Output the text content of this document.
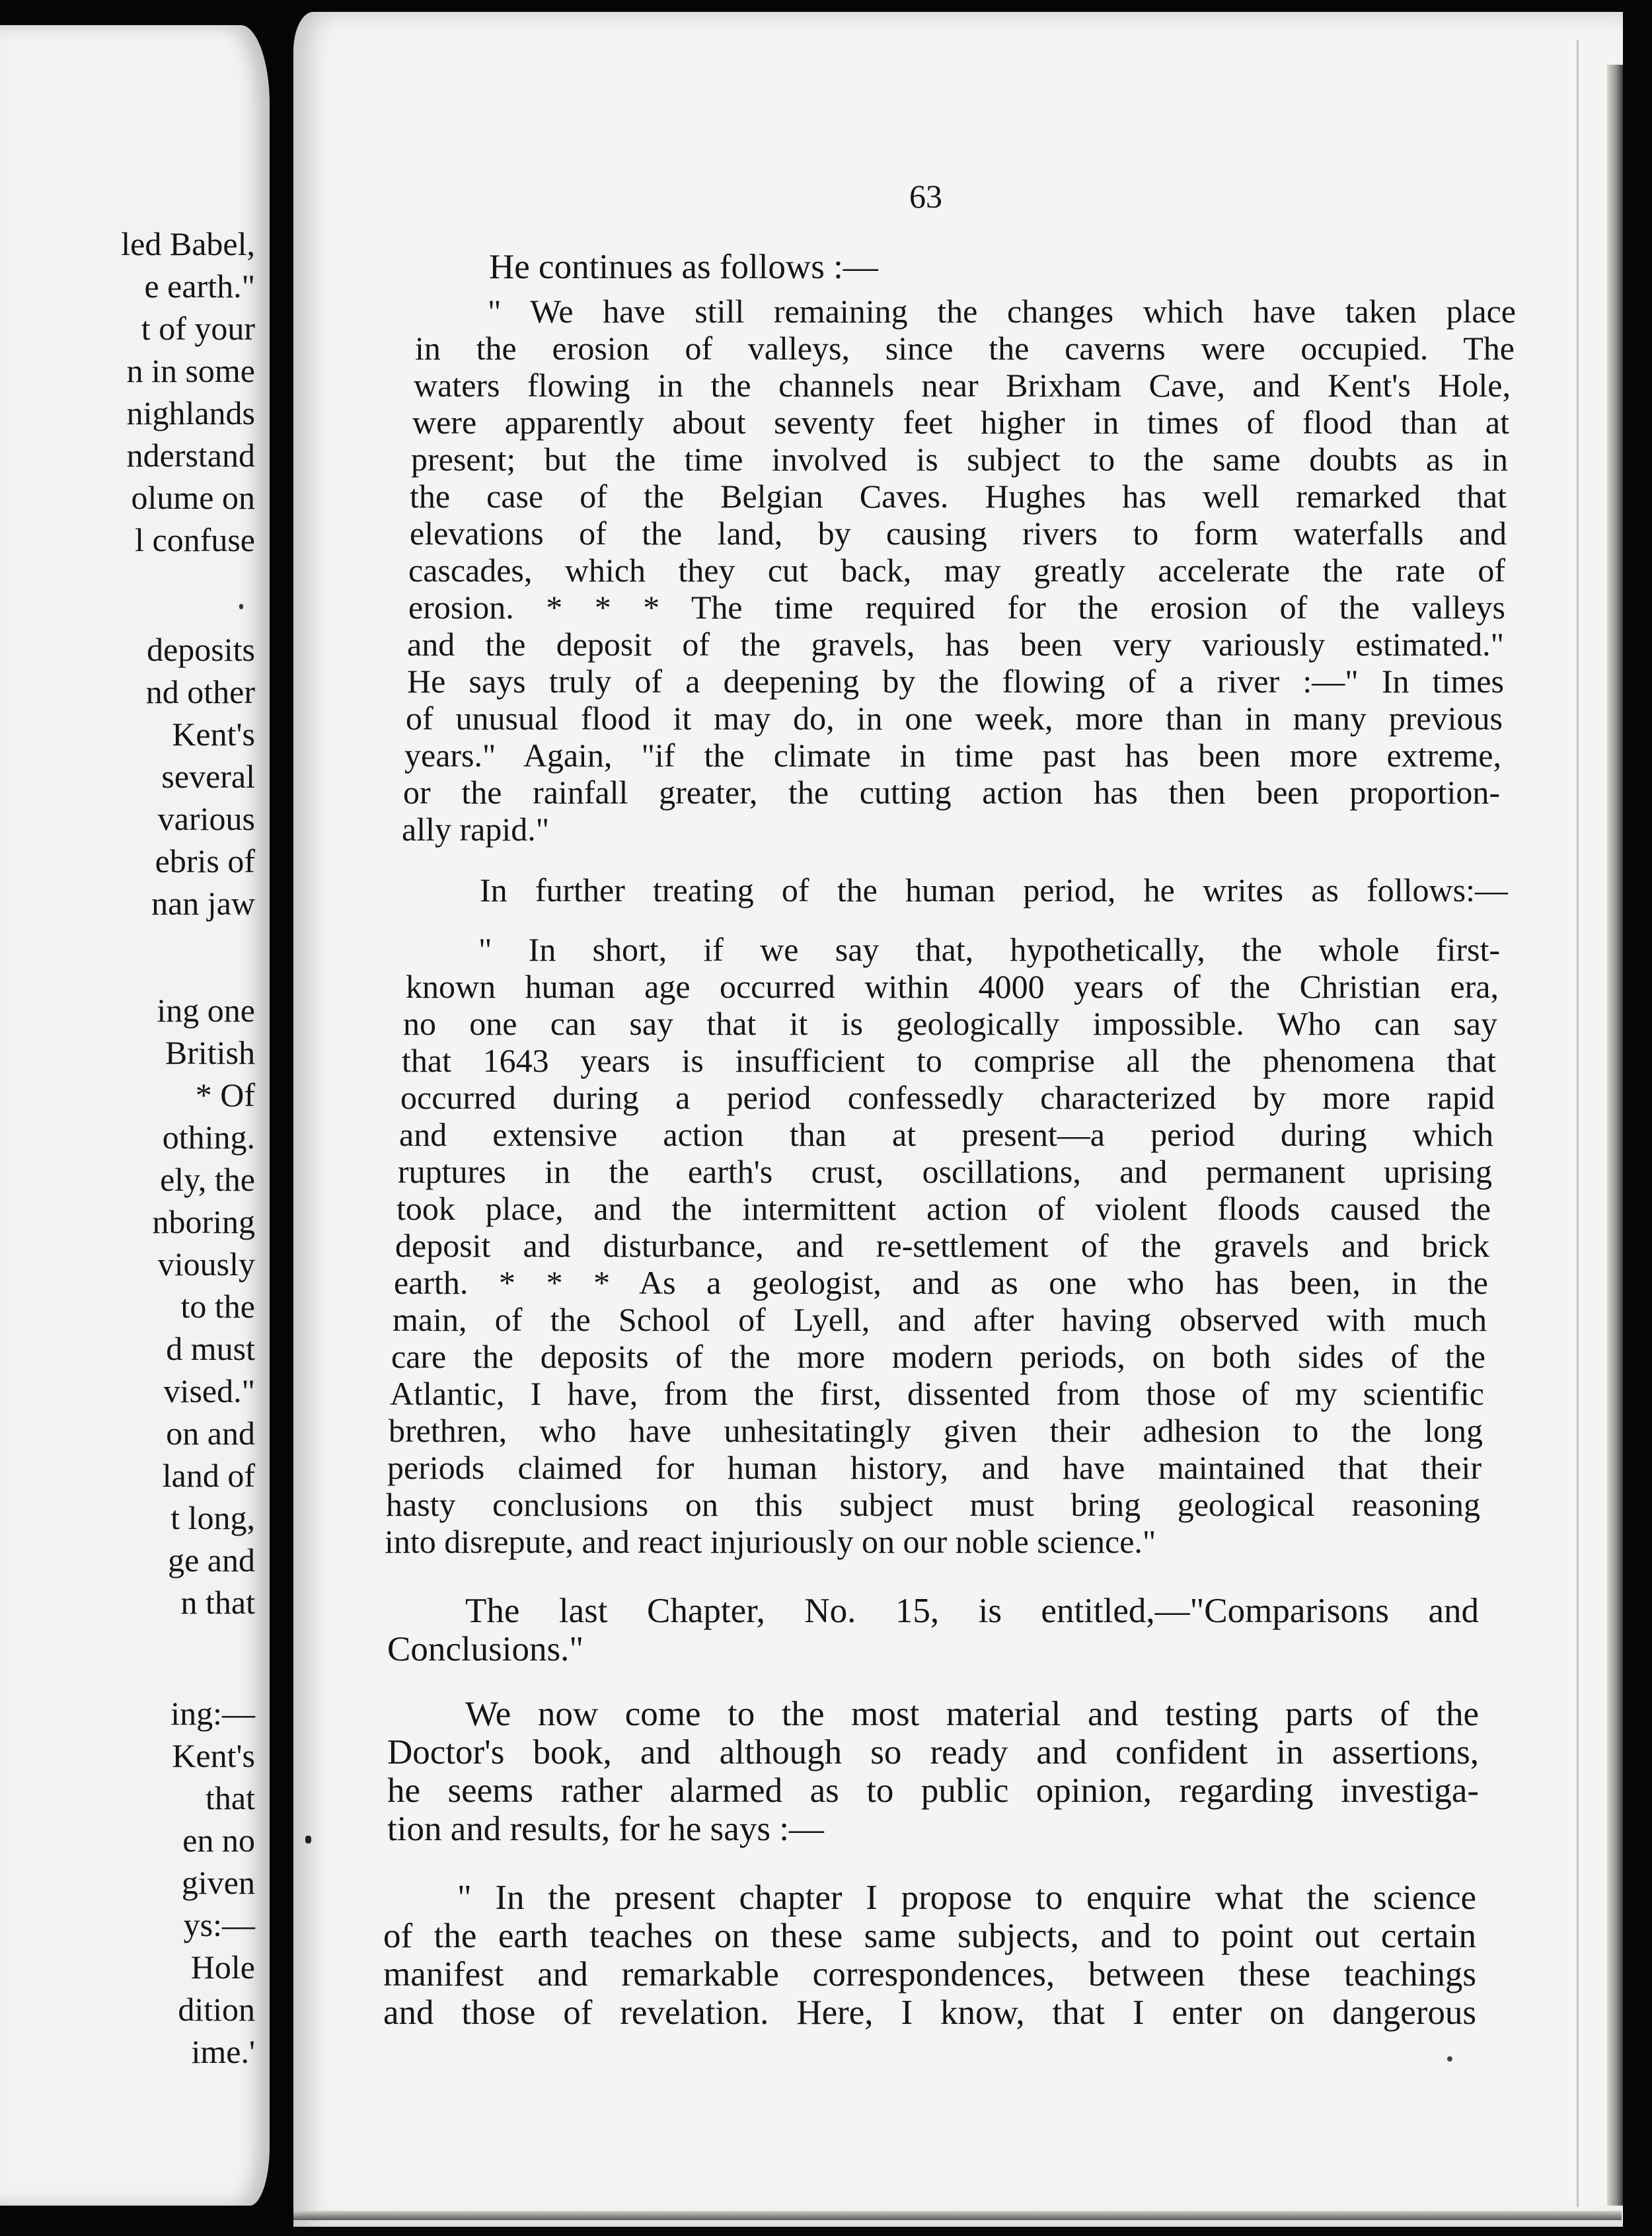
led Babel,

e earth."

t of your

n in some

nighlands

nderstand

olume on

l confuse

deposits

nd other

Kent's

several

various

ebris of

nan jaw

ing one

British

* Of

othing.

ely, the

nboring

viously

to the

d must

vised."

on and

land of

t long,

ge and

n that

ing:—

Kent's

that

en no

given

ys:—

Hole

dition

ime.'

63

He continues as follows :—

" We have still remaining the changes which have taken place

in the erosion of valleys, since the caverns were occupied. The

waters flowing in the channels near Brixham Cave, and Kent's Hole,

were apparently about seventy feet higher in times of flood than at

present; but the time involved is subject to the same doubts as in

the case of the Belgian Caves. Hughes has well remarked that

elevations of the land, by causing rivers to form waterfalls and

cascades, which they cut back, may greatly accelerate the rate of

erosion. * * * The time required for the erosion of the valleys

and the deposit of the gravels, has been very variously estimated."

He says truly of a deepening by the flowing of a river :—" In times

of unusual flood it may do, in one week, more than in many previous

years." Again, "if the climate in time past has been more extreme,

or the rainfall greater, the cutting action has then been proportion-

ally rapid."

In further treating of the human period, he writes as follows:—

" In short, if we say that, hypothetically, the whole first-

known human age occurred within 4000 years of the Christian era,

no one can say that it is geologically impossible. Who can say

that 1643 years is insufficient to comprise all the phenomena that

occurred during a period confessedly characterized by more rapid

and extensive action than at present—a period during which

ruptures in the earth's crust, oscillations, and permanent uprising

took place, and the intermittent action of violent floods caused the

deposit and disturbance, and re-settlement of the gravels and brick

earth. * * * As a geologist, and as one who has been, in the

main, of the School of Lyell, and after having observed with much

care the deposits of the more modern periods, on both sides of the

Atlantic, I have, from the first, dissented from those of my scientific

brethren, who have unhesitatingly given their adhesion to the long

periods claimed for human history, and have maintained that their

hasty conclusions on this subject must bring geological reasoning

into disrepute, and react injuriously on our noble science."

The last Chapter, No. 15, is entitled,—"Comparisons and

Conclusions."

We now come to the most material and testing parts of the

Doctor's book, and although so ready and confident in assertions,

he seems rather alarmed as to public opinion, regarding investiga-

tion and results, for he says :—

" In the present chapter I propose to enquire what the science

of the earth teaches on these same subjects, and to point out certain

manifest and remarkable correspondences, between these teachings

and those of revelation. Here, I know, that I enter on dangerous
